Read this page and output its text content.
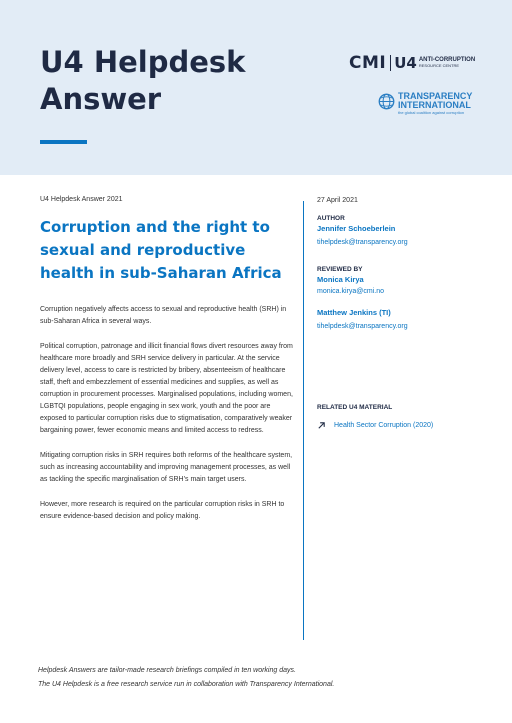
U4 Helpdesk
Answer
CMI U4 ANTI-CORRUPTION
RESOURCE CENTRE
TRANSPARENCY
INTERNATIONAL
the global coalition against corruption
U4 Helpdesk Answer 2021
Corruption and the right to
sexual and reproductive
health in sub-Saharan Africa

Corruption negatively affects access to sexual and reproductive health (SRH) in sub-Saharan Africa in several ways.

Political corruption, patronage and illicit financial flows divert resources away from healthcare more broadly and SRH service delivery in particular. At the service delivery level, access to care is restricted by bribery, absenteeism of healthcare staff, theft and embezzlement of essential medicines and supplies, as well as corruption in procurement processes. Marginalised populations, including women, LGBTQI populations, people engaging in sex work, youth and the poor are exposed to particular corruption risks due to stigmatisation, comparatively weaker bargaining power, fewer economic means and limited access to redress.

Mitigating corruption risks in SRH requires both reforms of the healthcare system, such as increasing accountability and improving management processes, as well as tackling the specific marginalisation of SRH’s main target users.

However, more research is required on the particular corruption risks in SRH to ensure evidence-based decision and policy making.

27 April 2021
AUTHOR
Jennifer Schoeberlein
tihelpdesk@transparency.org
REVIEWED BY
Monica Kirya
monica.kirya@cmi.no
Matthew Jenkins (TI)
tihelpdesk@transparency.org
RELATED U4 MATERIAL
Health Sector Corruption (2020)
Helpdesk Answers are tailor-made research briefings compiled in ten working days.
The U4 Helpdesk is a free research service run in collaboration with Transparency International.
